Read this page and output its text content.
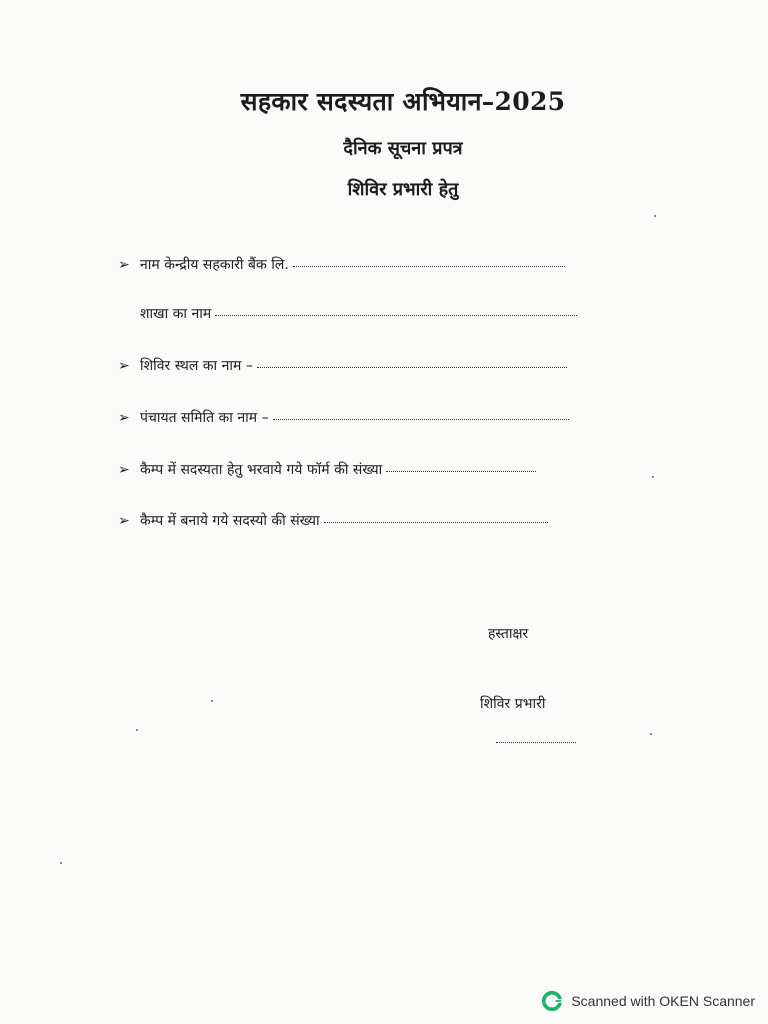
सहकार सदस्यता अभियान–2025
दैनिक सूचना प्रपत्र
शिविर प्रभारी हेतु
➢ नाम केन्द्रीय सहकारी बैंक लि.
शाखा का नाम
➢ शिविर स्थल का नाम –
➢ पंचायत समिति का नाम –
➢ कैम्प में सदस्यता हेतु भरवाये गये फॉर्म की संख्या
➢ कैम्प में बनाये गये सदस्यो की संख्या
हस्ताक्षर
शिविर प्रभारी
Scanned with OKEN Scanner
